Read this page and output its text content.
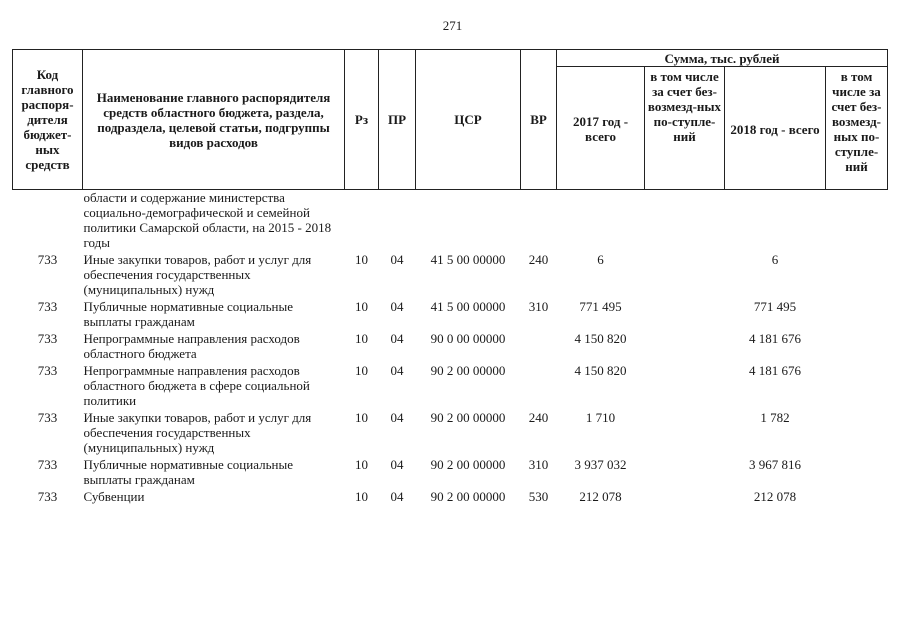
271
Код главного распоря-дителя бюджет-ных средств	Наименование главного распорядителя средств областного бюджета, раздела, подраздела, целевой статьи, подгруппы видов расходов	Рз	ПР	ЦСР	ВР	Сумма, тыс. рублей			
						2017 год - всего	в том числе за счет без-возмезд-ных по-ступле-ний	2018 год - всего	в том числе за счет без-возмезд-ных по-ступле-ний
	области и содержание министерства социально-демографической и семейной политики Самарской области, на 2015 - 2018 годы								
733	Иные закупки товаров, работ и услуг для обеспечения государственных (муниципальных) нужд	10	04	41 5 00 00000	240	6		6	
733	Публичные нормативные социальные выплаты гражданам	10	04	41 5 00 00000	310	771 495		771 495	
733	Непрограммные направления расходов областного бюджета	10	04	90 0 00 00000		4 150 820		4 181 676	
733	Непрограммные направления расходов областного бюджета в сфере социальной политики	10	04	90 2 00 00000		4 150 820		4 181 676	
733	Иные закупки товаров, работ и услуг для обеспечения государственных (муниципальных) нужд	10	04	90 2 00 00000	240	1 710		1 782	
733	Публичные нормативные социальные выплаты гражданам	10	04	90 2 00 00000	310	3 937 032		3 967 816	
733	Субвенции	10	04	90 2 00 00000	530	212 078		212 078	
